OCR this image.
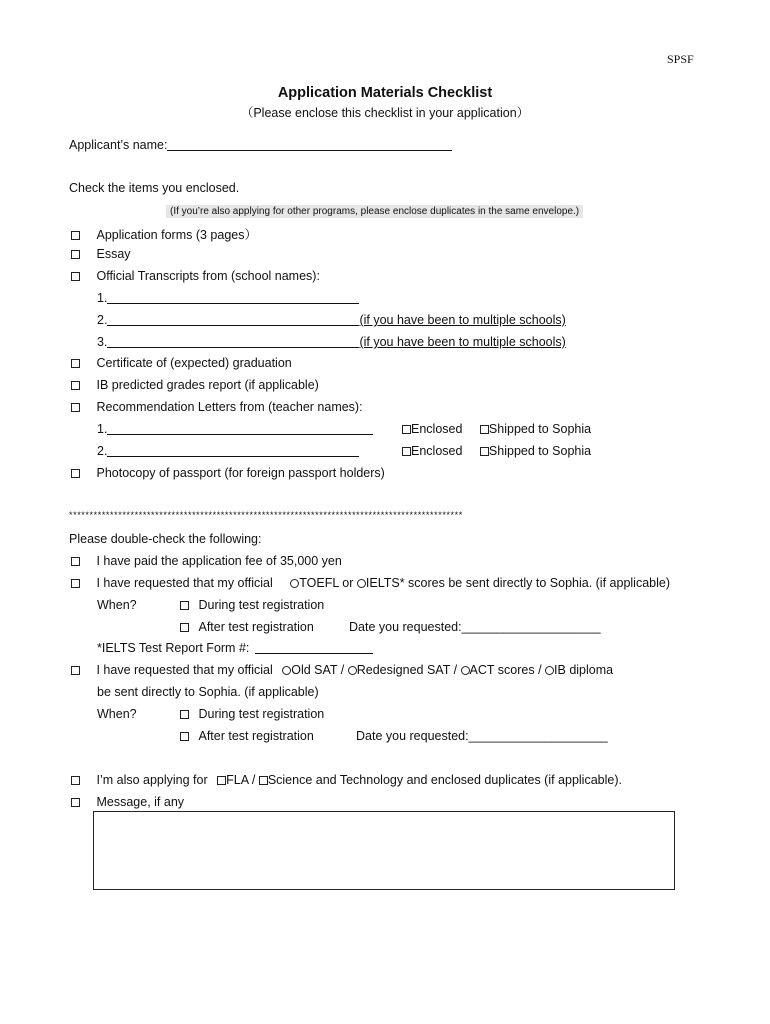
SPSF
Application Materials Checklist
（Please enclose this checklist in your application）
Applicant’s name:
Check the items you enclosed.
(If you’re also applying for other programs, please enclose duplicates in the same envelope.)
Application forms (3 pages）
Essay
Official Transcripts from (school names):
1.
2.	(if you have been to multiple schools)
3.	(if you have been to multiple schools)
Certificate of (expected) graduation
IB predicted grades report (if applicable)
Recommendation Letters from (teacher names):
1.	Enclosed Shipped to Sophia
2.	Enclosed Shipped to Sophia
Photocopy of passport (for foreign passport holders)
************************************************************************************************
Please double-check the following:
I have paid the application fee of 35,000 yen
I have requested that my official TOEFL or IELTS* scores be sent directly to Sophia. (if applicable)
When?	During test registration
After test registration	Date you requested:____________________
*IELTS Test Report Form #:
I have requested that my official Old SAT / Redesigned SAT / ACT scores / IB diploma
be sent directly to Sophia. (if applicable)
When?	During test registration
After test registration	Date you requested:____________________
I’m also applying for FLA / Science and Technology and enclosed duplicates (if applicable).
Message, if any
